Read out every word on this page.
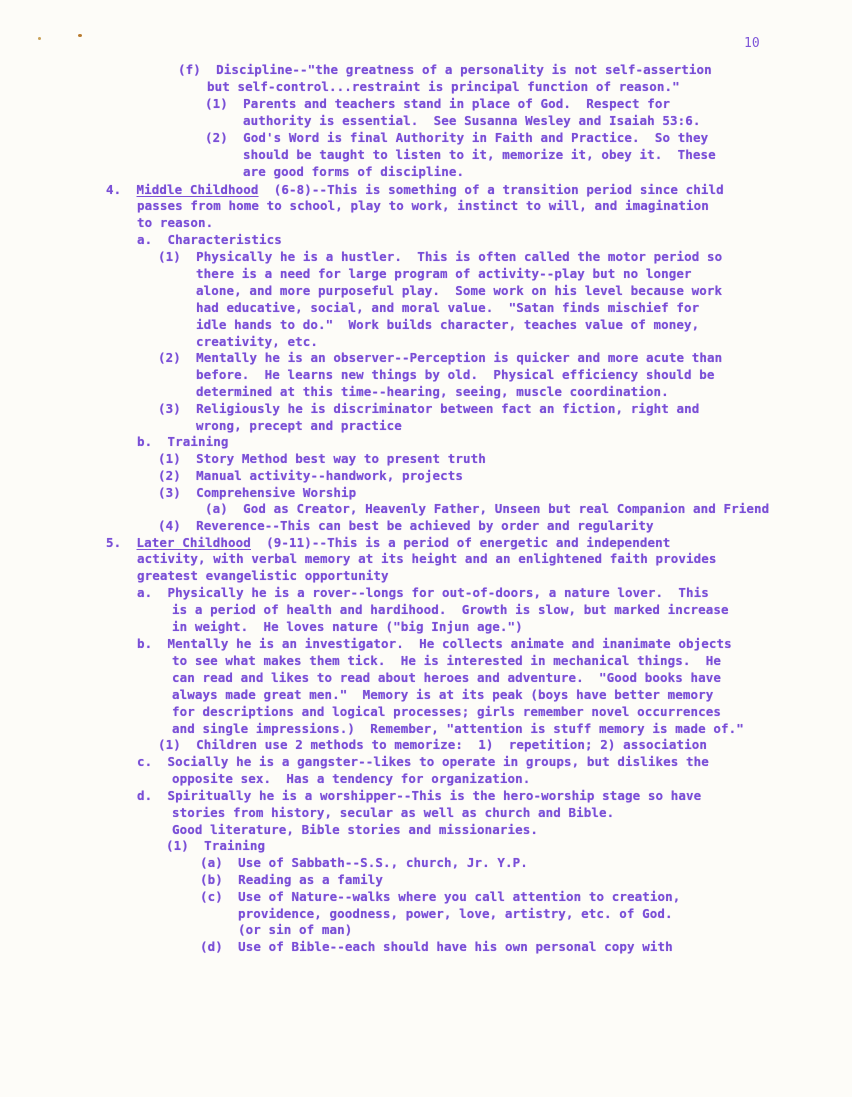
10
(f)  Discipline--"the greatness of a personality is not self-assertion
but self-control...restraint is principal function of reason."
(1)  Parents and teachers stand in place of God.  Respect for
authority is essential.  See Susanna Wesley and Isaiah 53:6.
(2)  God's Word is final Authority in Faith and Practice.  So they
should be taught to listen to it, memorize it, obey it.  These
are good forms of discipline.
4.  Middle Childhood  (6-8)--This is something of a transition period since child
passes from home to school, play to work, instinct to will, and imagination
to reason.
a.  Characteristics
(1)  Physically he is a hustler.  This is often called the motor period so
there is a need for large program of activity--play but no longer
alone, and more purposeful play.  Some work on his level because work
had educative, social, and moral value.  "Satan finds mischief for
idle hands to do."  Work builds character, teaches value of money,
creativity, etc.
(2)  Mentally he is an observer--Perception is quicker and more acute than
before.  He learns new things by old.  Physical efficiency should be
determined at this time--hearing, seeing, muscle coordination.
(3)  Religiously he is discriminator between fact an fiction, right and
wrong, precept and practice
b.  Training
(1)  Story Method best way to present truth
(2)  Manual activity--handwork, projects
(3)  Comprehensive Worship
(a)  God as Creator, Heavenly Father, Unseen but real Companion and Friend
(4)  Reverence--This can best be achieved by order and regularity
5.  Later Childhood  (9-11)--This is a period of energetic and independent
activity, with verbal memory at its height and an enlightened faith provides
greatest evangelistic opportunity
a.  Physically he is a rover--longs for out-of-doors, a nature lover.  This
is a period of health and hardihood.  Growth is slow, but marked increase
in weight.  He loves nature ("big Injun age.")
b.  Mentally he is an investigator.  He collects animate and inanimate objects
to see what makes them tick.  He is interested in mechanical things.  He
can read and likes to read about heroes and adventure.  "Good books have
always made great men."  Memory is at its peak (boys have better memory
for descriptions and logical processes; girls remember novel occurrences
and single impressions.)  Remember, "attention is stuff memory is made of."
(1)  Children use 2 methods to memorize:  1)  repetition; 2) association
c.  Socially he is a gangster--likes to operate in groups, but dislikes the
opposite sex.  Has a tendency for organization.
d.  Spiritually he is a worshipper--This is the hero-worship stage so have
stories from history, secular as well as church and Bible.
Good literature, Bible stories and missionaries.
(1)  Training
(a)  Use of Sabbath--S.S., church, Jr. Y.P.
(b)  Reading as a family
(c)  Use of Nature--walks where you call attention to creation,
providence, goodness, power, love, artistry, etc. of God.
(or sin of man)
(d)  Use of Bible--each should have his own personal copy with
